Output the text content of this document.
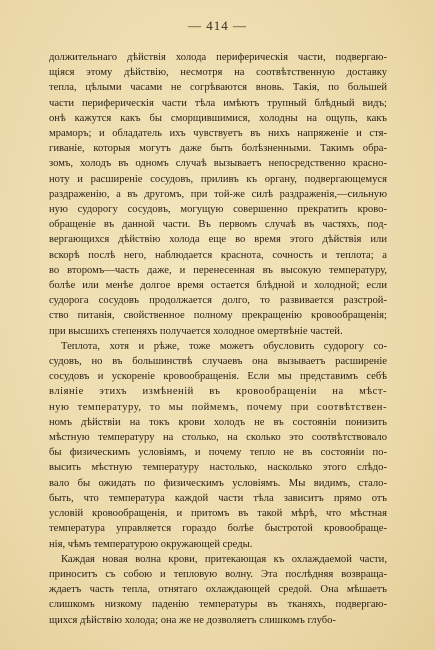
— 414 —
должительнаго дѣйствія холода периферическія части, подвергаю-
щіяся этому дѣйствію, несмотря на соотвѣтственную доставку
тепла, цѣлыми часами не согрѣваются вновь. Такія, по большей
части периферическія части тѣла имѣютъ трупный блѣдный видъ;
онѣ кажутся какъ бы сморщившимися, холодны на ощупь, какъ
мраморъ; и обладатель ихъ чувствуетъ въ нихъ напряженіе и стя-
гиваніе, которыя могутъ даже быть болѣзненными. Такимъ обра-
зомъ, холодъ въ одномъ случаѣ вызываетъ непосредственно красно-
ноту и расширеніе сосудовъ, приливъ къ органу, подвергающемуся
раздраженію, а въ другомъ, при той-же силѣ раздраженія,—сильную
ную судорогу сосудовъ, могущую совершенно прекратить крово-
обращеніе въ данной части. Въ первомъ случаѣ въ частяхъ, под-
вергающихся дѣйствію холода еще во время этого дѣйствія или
вскорѣ послѣ него, наблюдается краснота, сочность и теплота; а
во второмъ—часть даже, и перенесенная въ высокую температуру,
болѣе или менѣе долгое время остается блѣдной и холодной; если
судорога сосудовъ продолжается долго, то развивается разстрой-
ство питанія, свойственное полному прекращенію кровообращенія;
при высшихъ степеняхъ получается холодное омертвѣніе частей.
Теплота, хотя и рѣже, тоже можетъ обусловить судорогу со-
судовъ, но въ большинствѣ случаевъ она вызываетъ расширеніе
сосудовъ и ускореніе кровообращенія. Если мы представимъ себѣ
вліяніе этихъ измѣненій въ кровообращеніи на мѣст-
ную температуру, то мы поймемъ, почему при соотвѣтствен-
номъ дѣйствіи на токъ крови холодъ не въ состояніи понизить
мѣстную температуру на столько, на сколько это соотвѣтствовало
бы физическимъ условіямъ, и почему тепло не въ состояніи по-
высить мѣстную температуру настолько, насколько этого слѣдо-
вало бы ожидать по физическимъ условіямъ. Мы видимъ, стало-
быть, что температура каждой части тѣла зависитъ прямо отъ
условій кровообращенія, и притомъ въ такой мѣрѣ, что мѣстная
температура управляется гораздо болѣе быстротой кровообраще-
нія, чѣмъ температурою окружающей среды.
Каждая новая волна крови, притекающая къ охлаждаемой части,
приноситъ съ собою и тепловую волну. Эта послѣдняя возвраща-
ждаетъ часть тепла, отнятаго охлаждающей средой. Она мѣшаетъ
слишкомъ низкому паденію температуры въ тканяхъ, подвергаю-
щихся дѣйствію холода; она же не дозволяетъ слишкомъ глубо-
